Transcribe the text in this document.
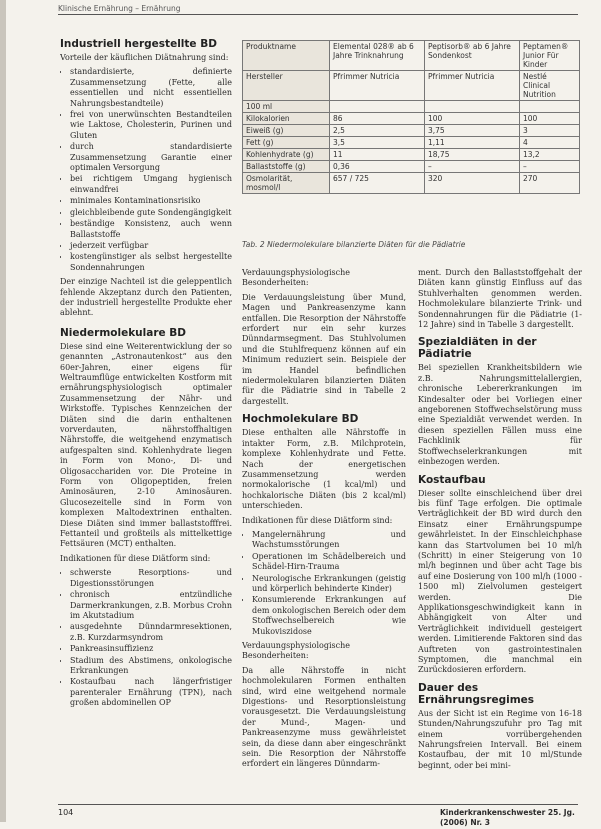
Klinische Ernährung – Ernährung
Industriell hergestellte BD

Vorteile der käuflichen Diätnahrung sind:

• standardisierte, definierte Zusammensetzung (Fette, alle essentiellen und nicht essentiellen Nahrungsbestandteile)
• frei von unerwünschten Bestandteilen wie Laktose, Cholesterin, Purinen und Gluten
• durch standardisierte Zusammensetzung Garantie einer optimalen Versorgung
• bei richtigem Umgang hygienisch einwandfrei
• minimales Kontaminationsrisiko
• gleichbleibende gute Sondengängigkeit
• beständige Konsistenz, auch wenn Ballaststoffe
• jederzeit verfügbar
• kostengünstiger als selbst hergestellte Sondennahrungen

Der einzige Nachteil ist die geleppentlich fehlende Akzeptanz durch den Patienten, der industriell hergestellte Produkte eher ablehnt.

Niedermolekulare BD

Diese sind eine Weiterentwicklung der so genannten „Astronautenkost“ aus den 60er-Jahren, einer eigens für Weltraumflüge entwickelten Kostform mit ernährungsphysiologisch optimaler Zusammensetzung der Nähr- und Wirkstoffe. Typisches Kennzeichen der Diäten sind die darin enthaltenen vorverdauten, nährstoffhaltigen Nährstoffe, die weitgehend enzymatisch aufgespalten sind. Kohlenhydrate liegen in Form von Mono-, Di- und Oligosacchariden vor. Die Proteine in Form von Oligopeptiden, freien Aminosäuren, 2-10 Aminosäuren. Glucosezeitelle sind in Form von komplexen Maltodextrinen enthalten. Diese Diäten sind immer ballaststofffrei. Fettanteil und großteils als mittelkettige Fettsäuren (MCT) enthalten.

Indikationen für diese Diätform sind:

• schwerste Resorptions- und Digestionsstörungen
• chronisch entzündliche Darmerkrankungen, z.B. Morbus Crohn im Akutstadium
• ausgedehnte Dünndarmresektionen, z.B. Kurzdarmsyndrom
• Pankreasinsuffizienz
• Stadium des Abstimens, onkologische Erkrankungen
• Kostaufbau nach längerfristiger parenteraler Ernährung (TPN), nach großen abdominellen OP
Produktname	Elemental 028® ab 6 Jahre Trinknahrung	Peptisorb® ab 6 Jahre Sondenkost	Peptamen® Junior Für Kinder
Hersteller	Pfrimmer Nutricia	Pfrimmer Nutricia	Nestlé Clinical Nutrition
100 ml			
Kilokalorien	86	100	100
Eiweiß (g)	2,5	3,75	3
Fett (g)	3,5	1,11	4
Kohlenhydrate (g)	11	18,75	13,2
Ballaststoffe (g)	0,36	–	–
Osmolarität, mosmol/l	657 / 725	320	270
Tab. 2 Niedermolekulare bilanzierte Diäten für die Pädiatrie

Verdauungsphysiologische Besonderheiten:

Die Verdauungsleistung über Mund, Magen und Pankreasenzyme kann entfallen. Die Resorption der Nährstoffe erfordert nur ein sehr kurzes Dünndarmsegment. Das Stuhlvolumen und die Stuhlfrequenz können auf ein Minimum reduziert sein. Beispiele der im Handel befindlichen niedermolekularen bilanzierten Diäten für die Pädiatrie sind in Tabelle 2 dargestellt.

Hochmolekulare BD

Diese enthalten alle Nährstoffe in intakter Form, z.B. Milchprotein, komplexe Kohlenhydrate und Fette. Nach der energetischen Zusammensetzung werden normokalorische (1 kcal/ml) und hochkalorische Diäten (bis 2 kcal/ml) unterschieden.

Indikationen für diese Diätform sind:

• Mangelernährung und Wachstumsstörungen
• Operationen im Schädelbereich und Schädel-Hirn-Trauma
• Neurologische Erkrankungen (geistig und körperlich behinderte Kinder)
• Konsumierende Erkrankungen auf dem onkologischen Bereich oder dem Stoffwechselbereich wie Mukoviszidose

Verdauungsphysiologische Besonderheiten:

Da alle Nährstoffe in nicht hochmolekularen Formen enthalten sind, wird eine weitgehend normale Digestions- und Resorptionsleistung vorausgesetzt. Die Verdauungsleistung der Mund-, Magen- und Pankreasenzyme muss gewährleistet sein, da diese dann aber eingeschränkt sein. Die Resorption der Nährstoffe erfordert ein längeres Dünndarm-

ment. Durch den Ballaststoffgehalt der Diäten kann günstig Einfluss auf das Stuhlverhalten genommen werden. Hochmolekulare bilanzierte Trink- und Sondennahrungen für die Pädiatrie (1-12 Jahre) sind in Tabelle 3 dargestellt.

Spezialdiäten in der Pädiatrie

Bei speziellen Krankheitsbildern wie z.B. Nahrungsmittelallergien, chronische Lebererkrankungen im Kindesalter oder bei Vorliegen einer angeborenen Stoffwechselstörung muss eine Spezialdiät verwendet werden. In diesen speziellen Fällen muss eine Fachklinik für Stoffwechselerkrankungen mit einbezogen werden.

Kostaufbau

Dieser sollte einschleichend über drei bis fünf Tage erfolgen. Die optimale Verträglichkeit der BD wird durch den Einsatz einer Ernährungspumpe gewährleistet. In der Einschleichphase kann das Startvolumen bei 10 ml/h (Schritt) in einer Steigerung von 10 ml/h beginnen und über acht Tage bis auf eine Dosierung von 100 ml/h (1000 - 1500 ml) Zielvolumen gesteigert werden. Die Applikationsgeschwindigkeit kann in Abhängigkeit von Alter und Verträglichkeit individuell gesteigert werden. Limitierende Faktoren sind das Auftreten von gastrointestinalen Symptomen, die manchmal ein Zurückdosieren erfordern.

Dauer des Ernährungsregimes

Aus der Sicht ist ein Regime von 16-18 Stunden/Nahrungszufuhr pro Tag mit einem vorrübergehenden Nahrungsfreien Intervall. Bei einem Kostaufbau, der mit 10 ml/Stunde beginnt, oder bei mini-

104	Kinderkrankenschwester 25. Jg. (2006) Nr. 3
